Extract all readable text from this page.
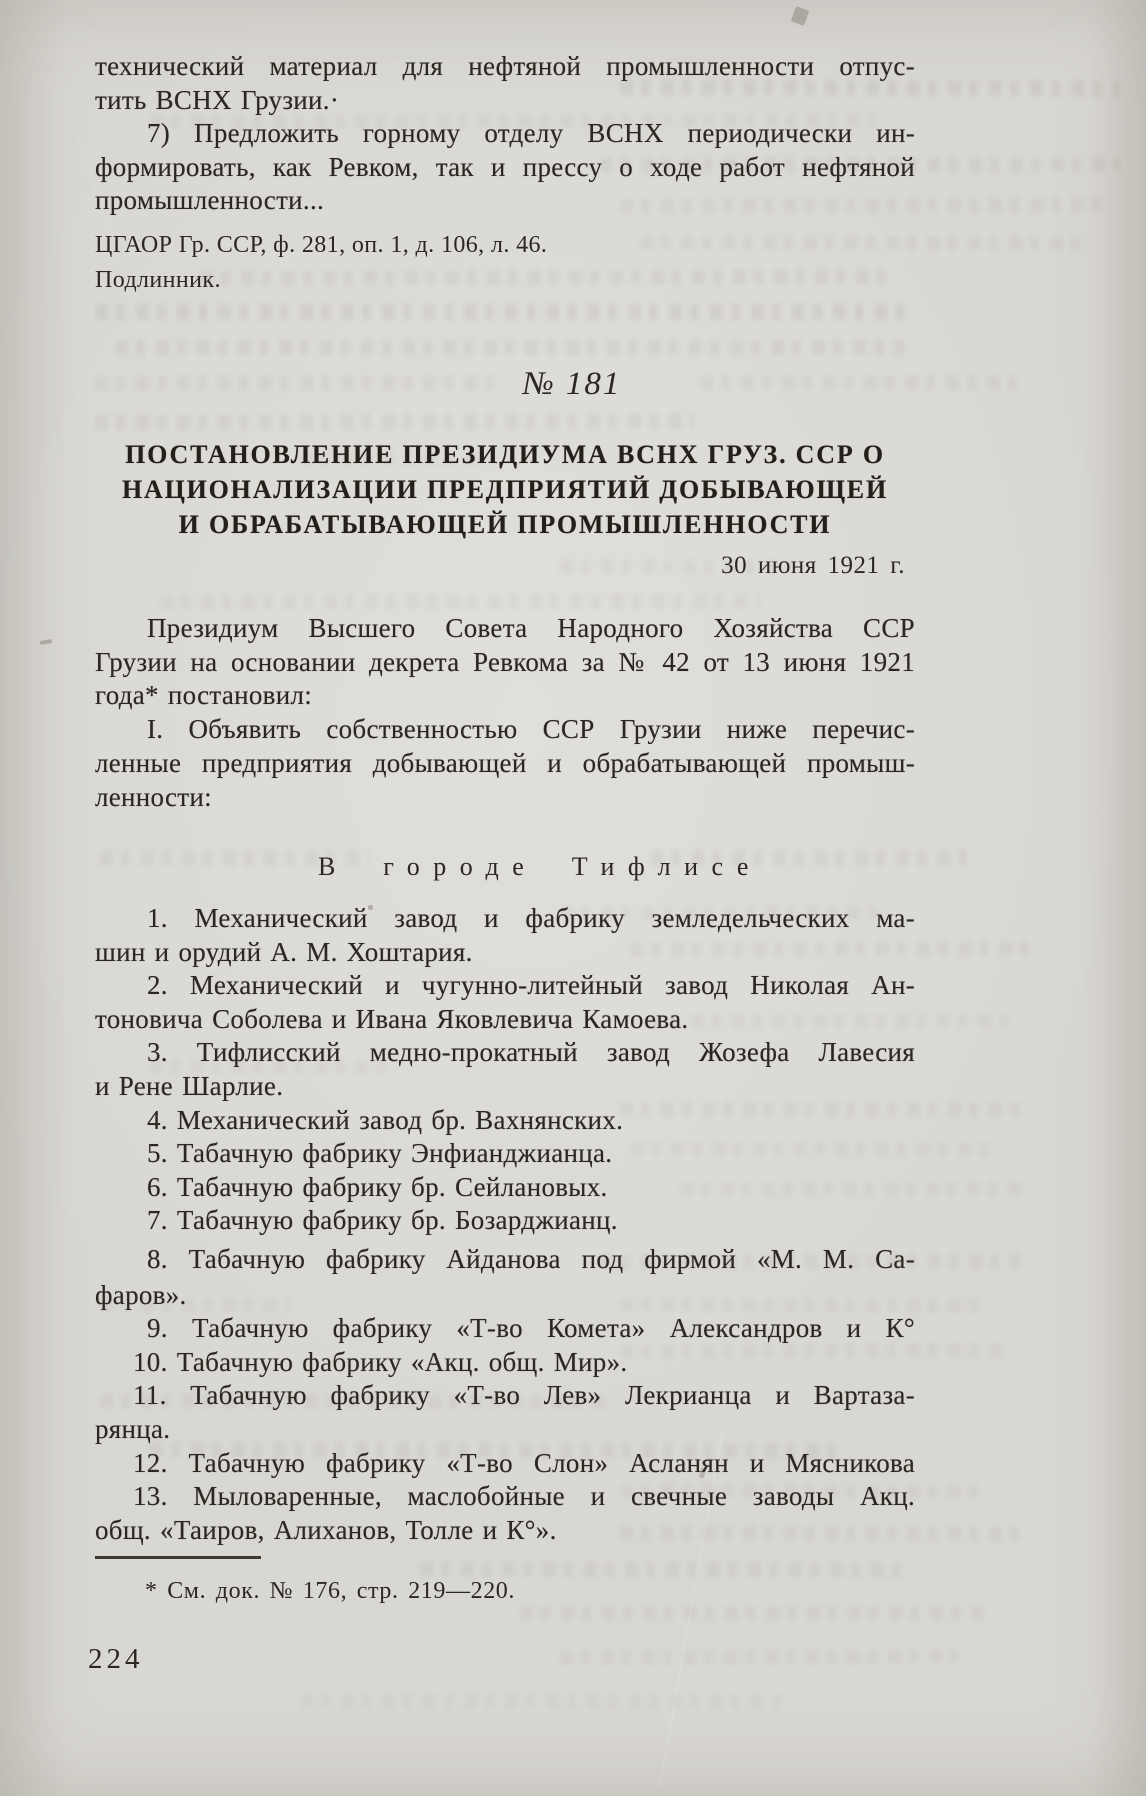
технический материал для нефтяной промышленности отпус-
тить ВСНХ Грузии.·
7) Предложить горному отделу ВСНХ периодически ин-
формировать, как Ревком, так и прессу о ходе работ нефтяной
промышленности...
ЦГАОР Гр. ССР, ф. 281, оп. 1, д. 106, л. 46.
Подлинник.
№ 181
ПОСТАНОВЛЕНИЕ ПРЕЗИДИУМА ВСНХ ГРУЗ. ССР О
НАЦИОНАЛИЗАЦИИ ПРЕДПРИЯТИЙ ДОБЫВАЮЩЕЙ
И ОБРАБАТЫВАЮЩЕЙ ПРОМЫШЛЕННОСТИ
30 июня 1921 г.
Президиум Высшего Совета Народного Хозяйства ССР
Грузии на основании декрета Ревкома за № 42 от 13 июня 1921
года* постановил:
I. Объявить собственностью ССР Грузии ниже перечис-
ленные предприятия добывающей и обрабатывающей промыш-
ленности:
В городе Тифлисе
1. Механический завод и фабрику земледельческих ма-
шин и орудий А. М. Хоштария.
2. Механический и чугунно-литейный завод Николая Ан-
тоновича Соболева и Ивана Яковлевича Камоева.
3. Тифлисский медно-прокатный завод Жозефа Лавесия
и Рене Шарлие.
4. Механический завод бр. Вахнянских.
5. Табачную фабрику Энфианджианца.
6. Табачную фабрику бр. Сейлановых.
7. Табачную фабрику бр. Бозарджианц.
8. Табачную фабрику Айданова под фирмой «М. М. Са-
фаров».
9. Табачную фабрику «Т-во Комета» Александров и К°
10. Табачную фабрику «Акц. общ. Мир».
11. Табачную фабрику «Т-во Лев» Лекрианца и Вартаза-
рянца.
12. Табачную фабрику «Т-во Слон» Асланян и Мясникова
13. Мыловаренные, маслобойные и свечные заводы Акц.
общ. «Таиров, Алиханов, Толле и К°».
* См. док. № 176, стр. 219—220.
224
